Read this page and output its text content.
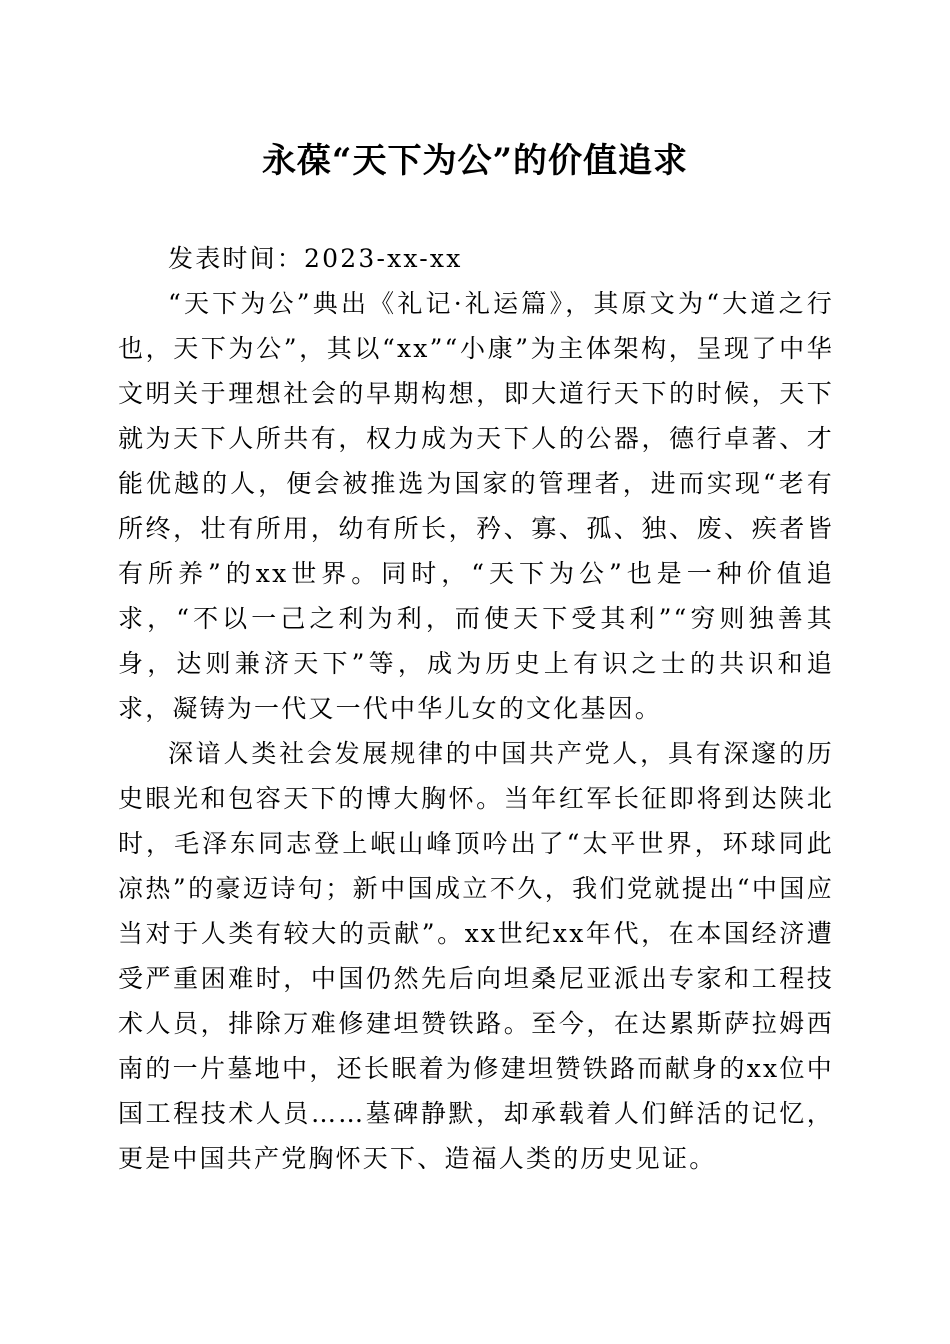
永葆“天下为公”的价值追求
发表时间：2023-xx-xx

“天下为公”典出《礼记·礼运篇》，其原文为“大道之行也，天下为公”，其以“xx”“小康”为主体架构，呈现了中华文明关于理想社会的早期构想，即大道行天下的时候，天下就为天下人所共有，权力成为天下人的公器，德行卓著、才能优越的人，便会被推选为国家的管理者，进而实现“老有所终，壮有所用，幼有所长，矜、寡、孤、独、废、疾者皆有所养”的xx世界。同时，“天下为公”也是一种价值追求，“不以一己之利为利，而使天下受其利”“穷则独善其身，达则兼济天下”等，成为历史上有识之士的共识和追求，凝铸为一代又一代中华儿女的文化基因。

深谙人类社会发展规律的中国共产党人，具有深邃的历史眼光和包容天下的博大胸怀。当年红军长征即将到达陕北时，毛泽东同志登上岷山峰顶吟出了“太平世界，环球同此凉热”的豪迈诗句；新中国成立不久，我们党就提出“中国应当对于人类有较大的贡献”。xx世纪xx年代，在本国经济遭受严重困难时，中国仍然先后向坦桑尼亚派出专家和工程技术人员，排除万难修建坦赞铁路。至今，在达累斯萨拉姆西南的一片墓地中，还长眠着为修建坦赞铁路而献身的xx位中国工程技术人员……墓碑静默，却承载着人们鲜活的记忆，更是中国共产党胸怀天下、造福人类的历史见证。
